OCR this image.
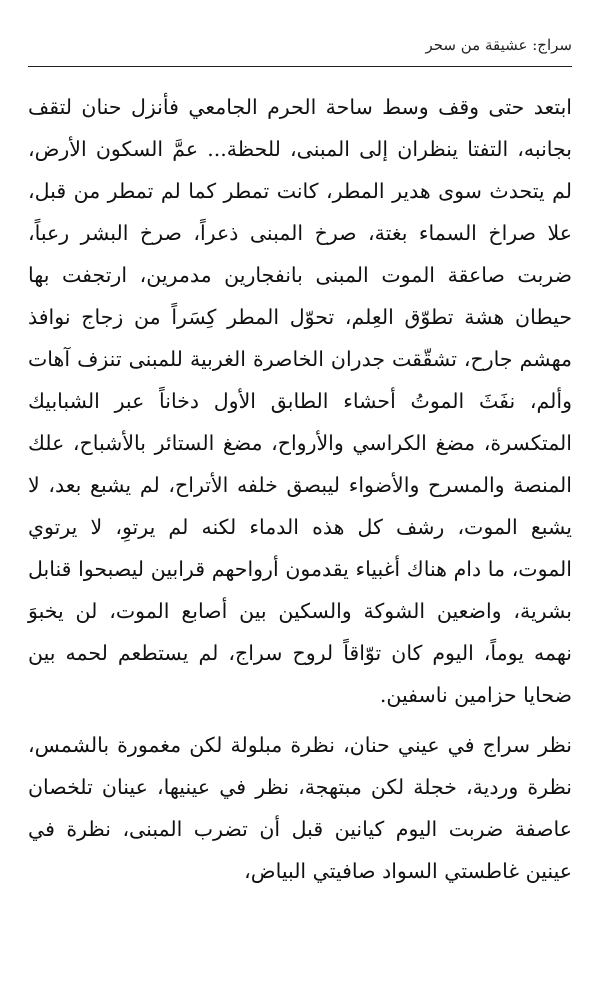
سراج: عشيقة من سحر

ابتعد حتى وقف وسط ساحة الحرم الجامعي فأنزل حنان لتقف بجانبه، التفتا ينظران إلى المبنى، للحظة... عمَّ السكون الأرض، لم يتحدث سوى هدير المطر، كانت تمطر كما لم تمطر من قبل، علا صراخ السماء بغتة، صرخ المبنى ذعراً، صرخ البشر رعباً، ضربت صاعقة الموت المبنى بانفجارين مدمرين، ارتجفت بها حيطان هشة تطوّق العِلم، تحوّل المطر كِسَراً من زجاج نوافذ مهشم جارح، تشقّقت جدران الخاصرة الغربية للمبنى تنزف آهات وألم، نفَثَ الموتُ أحشاء الطابق الأول دخاناً عبر الشبابيك المتكسرة، مضغ الكراسي والأرواح، مضغ الستائر بالأشباح، علك المنصة والمسرح والأضواء ليبصق خلفه الأتراح، لم يشبع بعد، لا يشبع الموت، رشف كل هذه الدماء لكنه لم يرتوِ، لا يرتوي الموت، ما دام هناك أغبياء يقدمون أرواحهم قرابين ليصبحوا قنابل بشرية، واضعين الشوكة والسكين بين أصابع الموت، لن يخبوَ نهمه يوماً، اليوم كان توّاقاً لروح سراج، لم يستطعم لحمه بين ضحايا حزامين ناسفين.

نظر سراج في عيني حنان، نظرة مبلولة لكن مغمورة بالشمس، نظرة وردية، خجلة لكن مبتهجة، نظر في عينيها، عينان تلخصان عاصفة ضربت اليوم كيانين قبل أن تضرب المبنى، نظرة في عينين غاطستي السواد صافيتي البياض،
